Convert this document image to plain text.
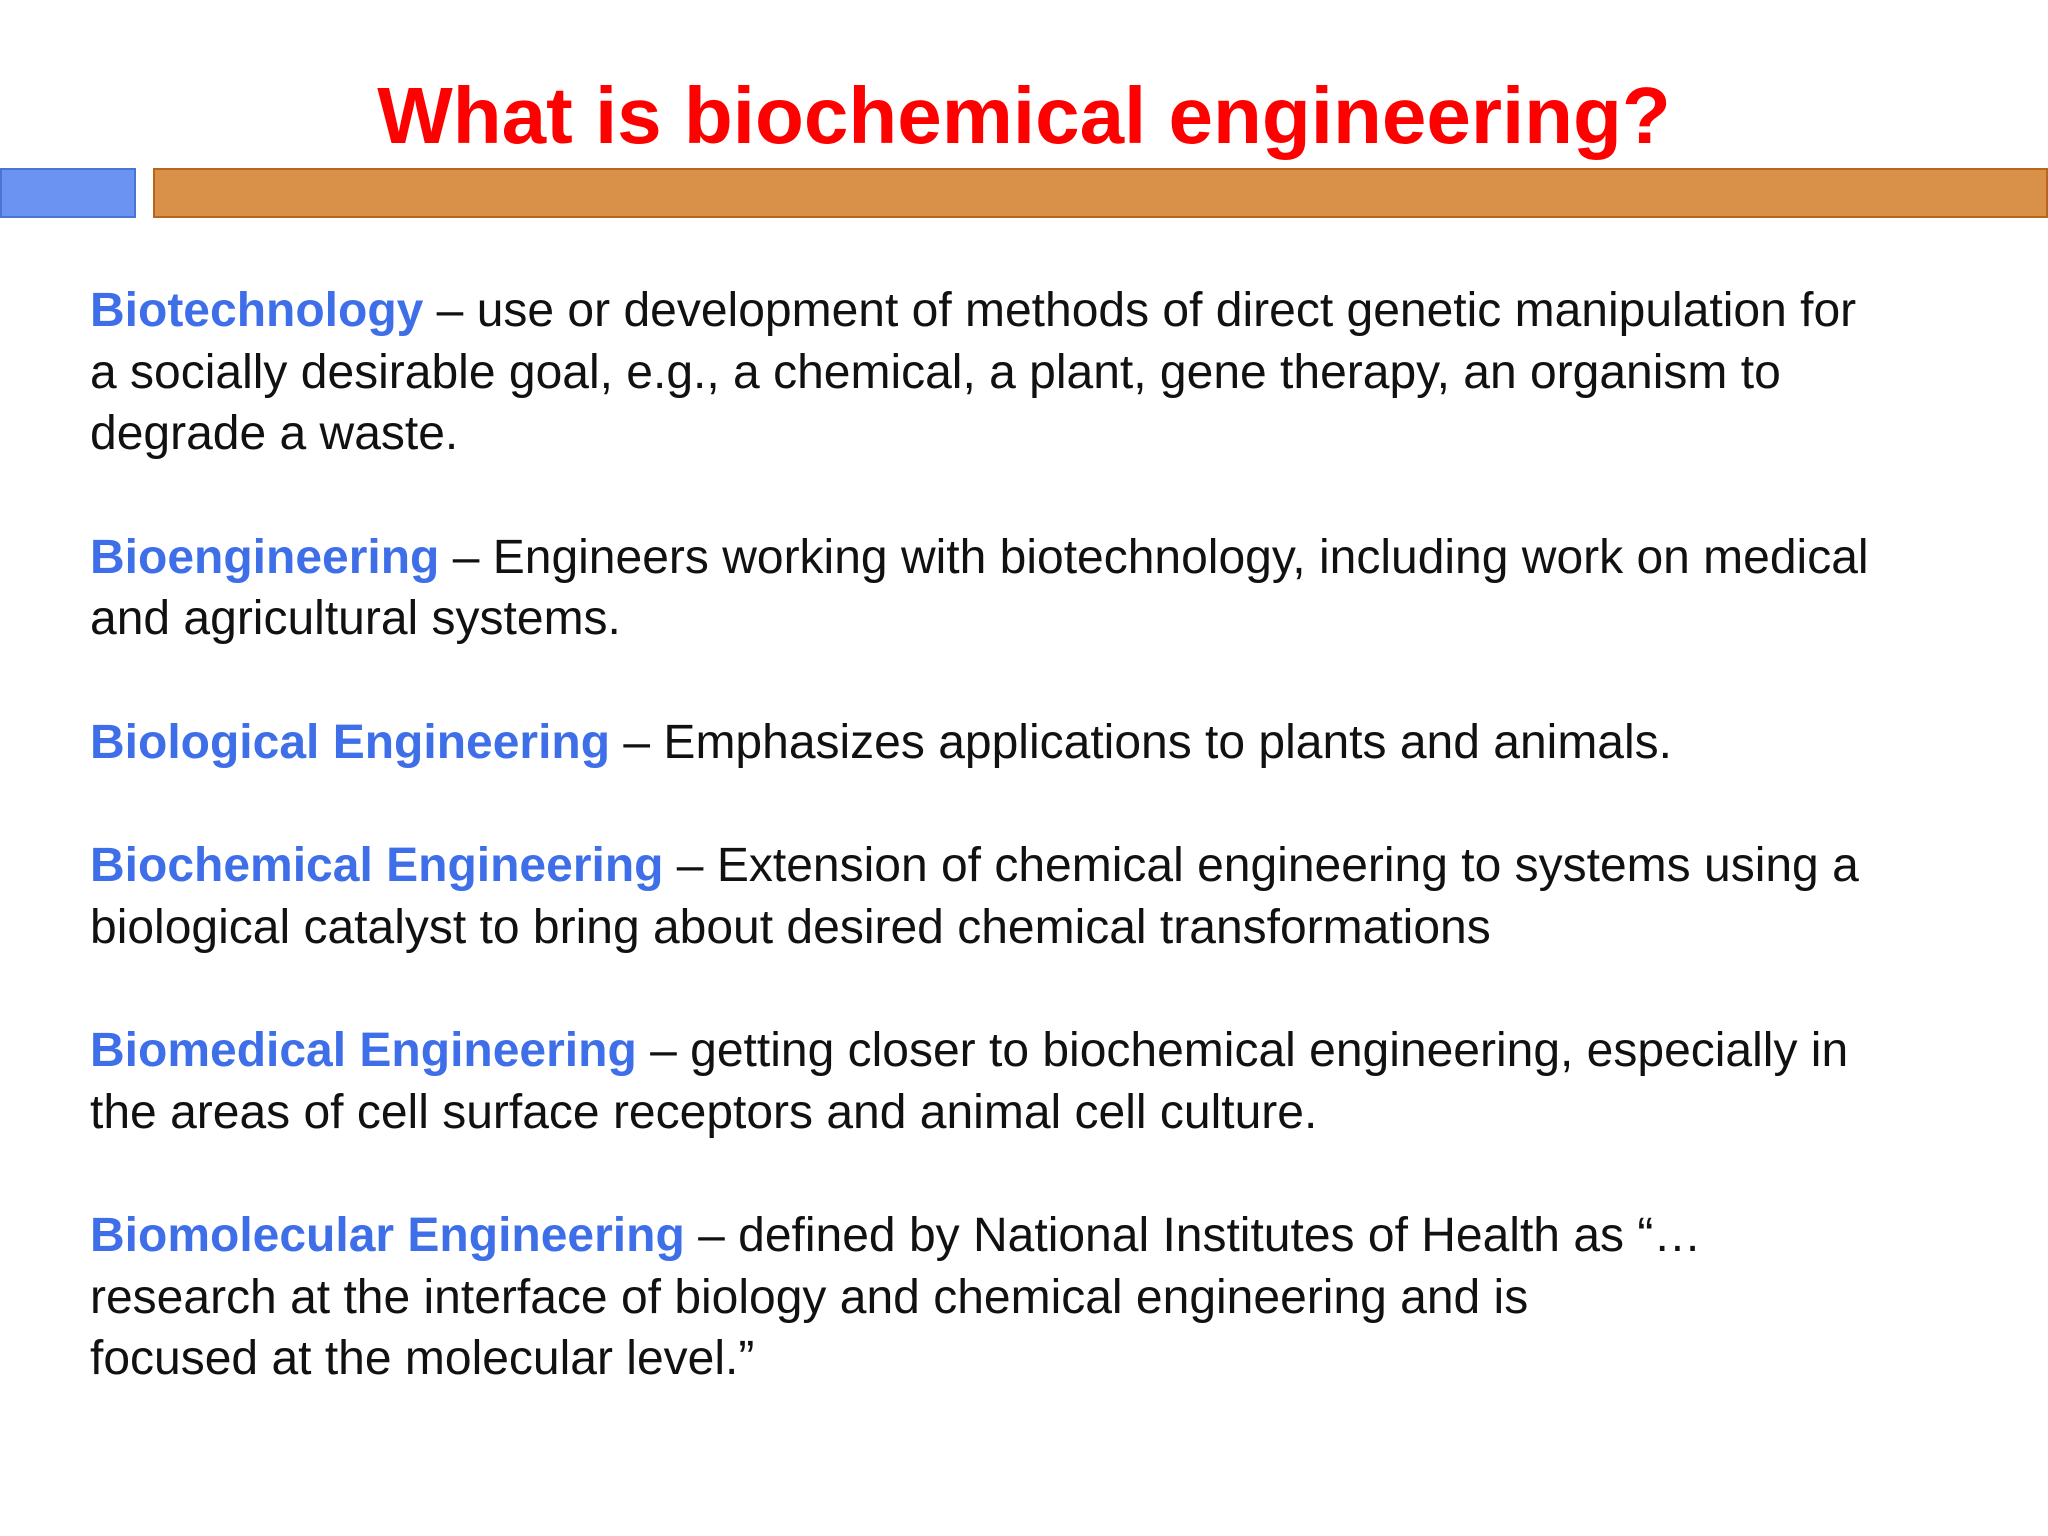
What is biochemical engineering?

Biotechnology – use or development of methods of direct genetic manipulation for
a socially desirable goal, e.g., a chemical, a plant, gene therapy, an organism to
degrade a waste.

Bioengineering – Engineers working with biotechnology, including work on medical
and agricultural systems.

Biological Engineering – Emphasizes applications to plants and animals.

Biochemical Engineering – Extension of chemical engineering to systems using a
biological catalyst to bring about desired chemical transformations

Biomedical Engineering – getting closer to biochemical engineering, especially in
the areas of cell surface receptors and animal cell culture.

Biomolecular Engineering – defined by National Institutes of Health as “…
research at the interface of biology and chemical engineering and is
focused at the molecular level.”
